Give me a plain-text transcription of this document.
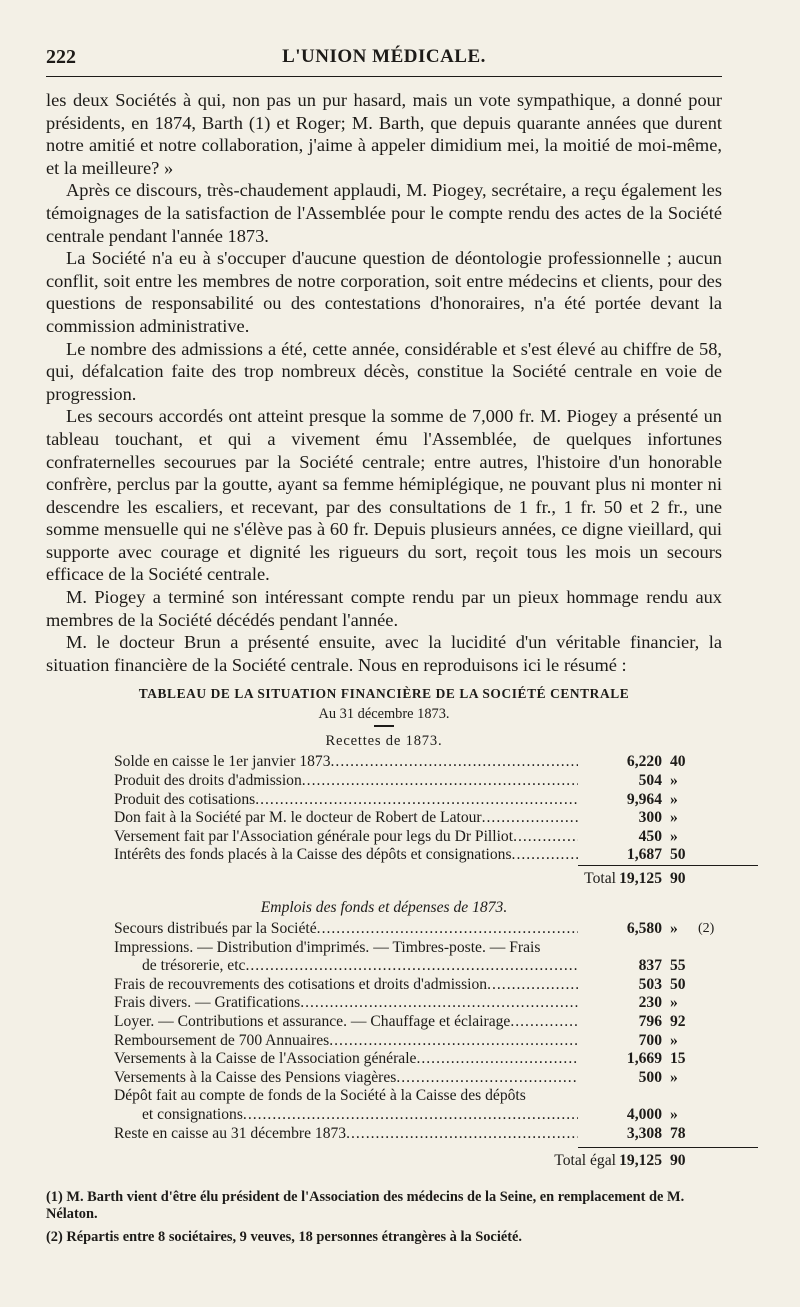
222	L'UNION MÉDICALE.

les deux Sociétés à qui, non pas un pur hasard, mais un vote sympathique, a donné pour présidents, en 1874, Barth (1) et Roger; M. Barth, que depuis quarante années que durent notre amitié et notre collaboration, j'aime à appeler dimidium mei, la moitié de moi-même, et la meilleure? »

Après ce discours, très-chaudement applaudi, M. Piogey, secrétaire, a reçu également les témoignages de la satisfaction de l'Assemblée pour le compte rendu des actes de la Société centrale pendant l'année 1873.

La Société n'a eu à s'occuper d'aucune question de déontologie professionnelle ; aucun conflit, soit entre les membres de notre corporation, soit entre médecins et clients, pour des questions de responsabilité ou des contestations d'honoraires, n'a été portée devant la commission administrative.

Le nombre des admissions a été, cette année, considérable et s'est élevé au chiffre de 58, qui, défalcation faite des trop nombreux décès, constitue la Société centrale en voie de progression.

Les secours accordés ont atteint presque la somme de 7,000 fr. M. Piogey a présenté un tableau touchant, et qui a vivement ému l'Assemblée, de quelques infortunes confraternelles secourues par la Société centrale; entre autres, l'histoire d'un honorable confrère, perclus par la goutte, ayant sa femme hémiplégique, ne pouvant plus ni monter ni descendre les escaliers, et recevant, par des consultations de 1 fr., 1 fr. 50 et 2 fr., une somme mensuelle qui ne s'élève pas à 60 fr. Depuis plusieurs années, ce digne vieillard, qui supporte avec courage et dignité les rigueurs du sort, reçoit tous les mois un secours efficace de la Société centrale.

M. Piogey a terminé son intéressant compte rendu par un pieux hommage rendu aux membres de la Société décédés pendant l'année.

M. le docteur Brun a présenté ensuite, avec la lucidité d'un véritable financier, la situation financière de la Société centrale. Nous en reproduisons ici le résumé :

TABLEAU DE LA SITUATION FINANCIÈRE DE LA SOCIÉTÉ CENTRALE
Au 31 décembre 1873.
Recettes de 1873.
Solde en caisse le 1er janvier 1873 .....	6,220 40
Produit des droits d'admission .....	504 »
Produit des cotisations .....	9,964 »
Don fait à la Société par M. le docteur de Robert de Latour .....	300 »
Versement fait par l'Association générale pour legs du Dr Pilliot .....	450 »
Intérêts des fonds placés à la Caisse des dépôts et consignations .....	1,687 50
Total 19,125 90
Emplois des fonds et dépenses de 1873.
Secours distribués par la Société .....	6,580 »	(2)
Impressions. — Distribution d'imprimés. — Timbres-poste. — Frais
de trésorerie, etc .....	837 55
Frais de recouvrements des cotisations et droits d'admission .....	503 50
Frais divers. — Gratifications .....	230 »
Loyer. — Contributions et assurance. — Chauffage et éclairage .....	796 92
Remboursement de 700 Annuaires .....	700 »
Versements à la Caisse de l'Association générale .....	1,669 15
Versements à la Caisse des Pensions viagères .....	500 »
Dépôt fait au compte de fonds de la Société à la Caisse des dépôts
et consignations .....	4,000 »
Reste en caisse au 31 décembre 1873 .....	3,308 78
Total égal 19,125 90
(1) M. Barth vient d'être élu président de l'Association des médecins de la Seine, en remplacement de M. Nélaton.
(2) Répartis entre 8 sociétaires, 9 veuves, 18 personnes étrangères à la Société.
